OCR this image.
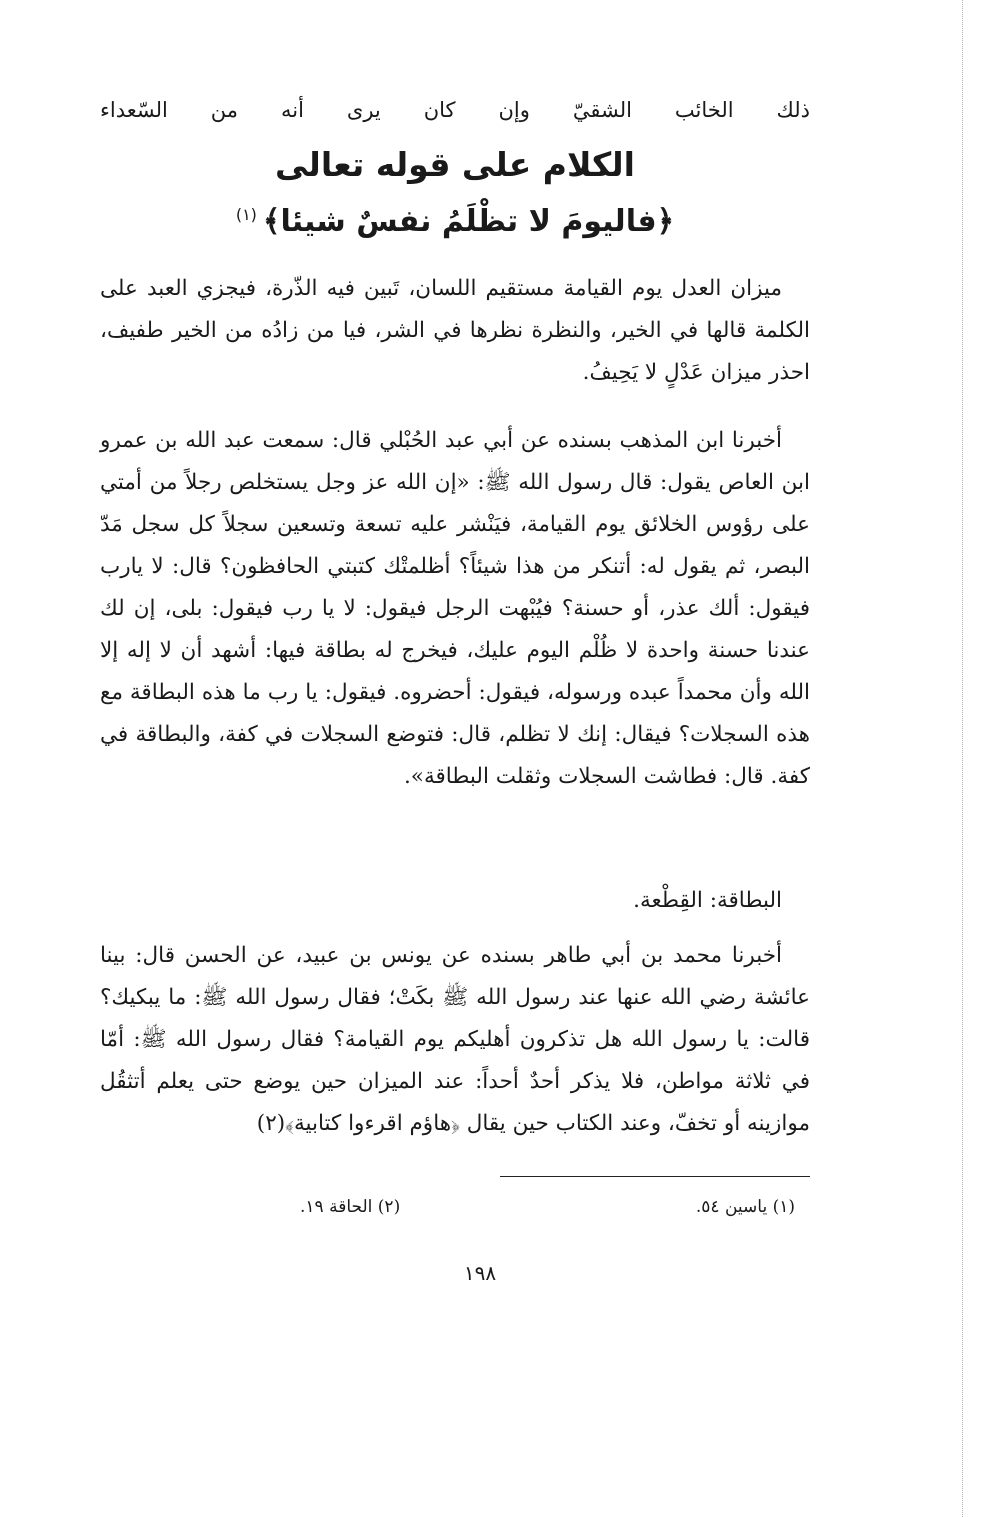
ذلك الخائب الشقيّ وإن كان يرى أنه من السّعداء
الكلام على قوله تعالى
﴿فاليومَ لا تظْلَمُ نفسٌ شيئا﴾$^{(١)}$

ميزان العدل يوم القيامة مستقيم اللسان، تَبين فيه الذّرة، فيجزي العبد على الكلمة قالها في الخير، والنظرة نظرها في الشر، فيا من زادُه من الخير طفيف، احذر ميزان عَدْلٍ لا يَحِيفُ.

أخبرنا ابن المذهب بسنده عن أبي عبد الحُبْلي قال: سمعت عبد الله بن عمرو ابن العاص يقول: قال رسول الله ﷺ: «إن الله عز وجل يستخلص رجلاً من أمتي على رؤوس الخلائق يوم القيامة، فيَنْشر عليه تسعة وتسعين سجلاً كل سجل مَدّ البصر، ثم يقول له: أتنكر من هذا شيئاً؟ أظلمتْك كتبتي الحافظون؟ قال: لا يارب فيقول: ألك عذر، أو حسنة؟ فيُبْهت الرجل فيقول: لا يا رب فيقول: بلى، إن لك عندنا حسنة واحدة لا ظُلْم اليوم عليك، فيخرج له بطاقة فيها: أشهد أن لا إله إلا الله وأن محمداً عبده ورسوله، فيقول: أحضروه. فيقول: يا رب ما هذه البطاقة مع هذه السجلات؟ فيقال: إنك لا تظلم، قال: فتوضع السجلات في كفة، والبطاقة في كفة. قال: فطاشت السجلات وثقلت البطاقة».

البطاقة: القِطْعة.

أخبرنا محمد بن أبي طاهر بسنده عن يونس بن عبيد، عن الحسن قال: بينا عائشة رضي الله عنها عند رسول الله ﷺ بكَتْ؛ فقال رسول الله ﷺ: ما يبكيك؟ قالت: يا رسول الله هل تذكرون أهليكم يوم القيامة؟ فقال رسول الله ﷺ: أمّا في ثلاثة مواطن، فلا يذكر أحدٌ أحداً: عند الميزان حين يوضع حتى يعلم أتثقُل موازينه أو تخفّ، وعند الكتاب حين يقال ﴿هاؤم اقرءوا كتابية﴾(٢)

(١) ياسين ٥٤.
(٢) الحاقة ١٩.
١٩٨
